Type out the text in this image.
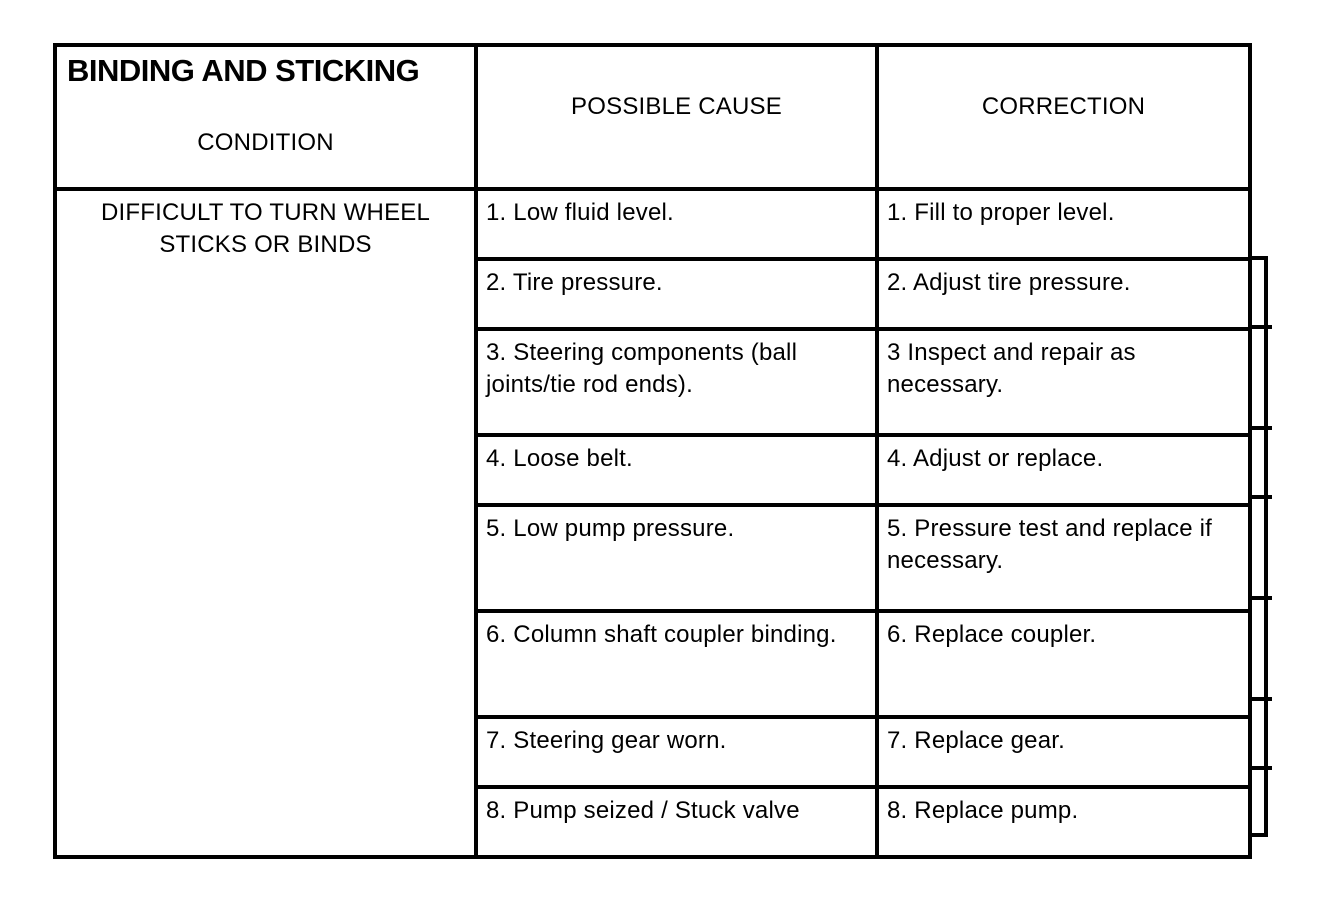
BINDING AND STICKING
CONDITION	POSSIBLE CAUSE	CORRECTION
DIFFICULT TO TURN WHEEL STICKS OR BINDS	1. Low fluid level.	1. Fill to proper level.
	2. Tire pressure.	2. Adjust tire pressure.
	3. Steering components (ball joints/tie rod ends).	3 Inspect and repair as necessary.
	4. Loose belt.	4. Adjust or replace.
	5. Low pump pressure.	5. Pressure test and replace if necessary.
	6. Column shaft coupler binding.	6. Replace coupler.
	7. Steering gear worn.	7. Replace gear.
	8. Pump seized / Stuck valve	8. Replace pump.
